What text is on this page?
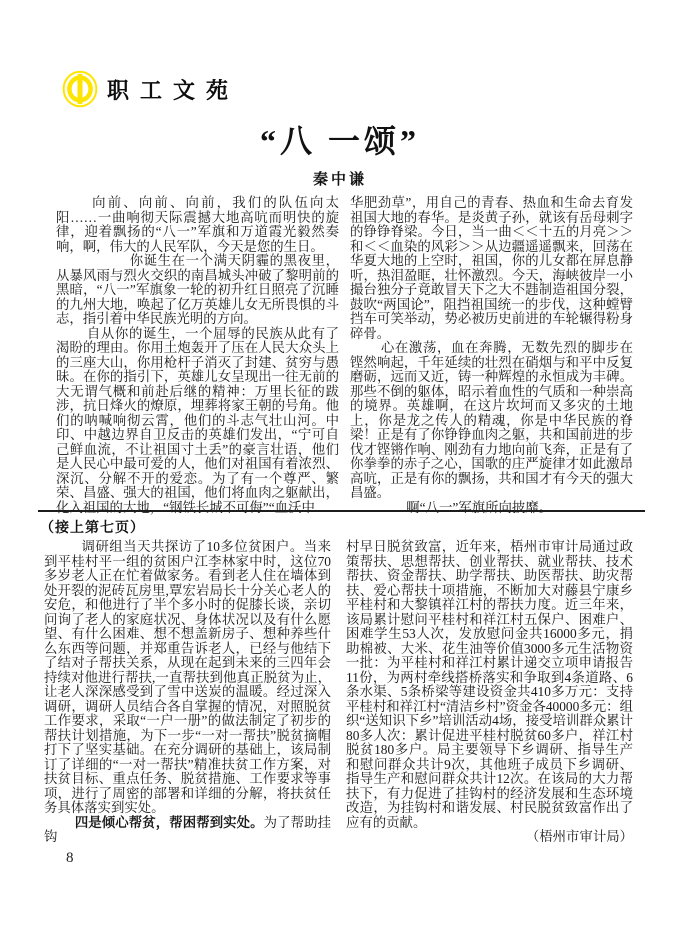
职工文苑
“八 一颂”
秦中谦

向前、向前、向前，我们的队伍向太阳……一曲响彻天际震撼大地高吭而明快的旋律，迎着飘扬的“八一”军旗和万道霞光毅然奏响，啊，伟大的人民军队，今天是您的生日。

你诞生在一个满天阴霾的黑夜里，从暴风雨与烈火交织的南昌城头冲破了黎明前的黑暗，“八一”军旗象一轮的初升红日照亮了沉睡的九州大地，唤起了亿万英雄儿女无所畏惧的斗志，指引着中华民族光明的方向。

自从你的诞生，一个屈辱的民族从此有了渴盼的理由。你用土炮轰开了压在人民大众头上的三座大山，你用枪杆子消灭了封建、贫穷与愚昧。在你的指引下，英雄儿女呈现出一往无前的大无谓气概和前赴后继的精神：万里长征的跋涉，抗日烽火的燎原，埋葬将家王朝的号角。他们的呐喊响彻云霄，他们的斗志气壮山河。中印、中越边界自卫反击的英雄们发出，“宁可自己鲜血流，不让祖国寸土丢”的豪言壮语，他们是人民心中最可爱的人，他们对祖国有着浓烈、深沉、分解不开的爱恋。为了有一个尊严、繁荣、昌盛、强大的祖国，他们将血肉之躯献出，化入祖国的大地，“钢铁长城不可侮”“血沃中

华肥劲草”，用自己的青春、热血和生命去育发祖国大地的春华。是炎黄子孙，就该有岳母刺字的铮铮脊梁。今日，当一曲＜＜十五的月亮＞＞和＜＜血染的风彩＞＞从边疆遥遥飘来，回荡在华夏大地的上空时，祖国，你的儿女都在屏息静听，热泪盈眶，壮怀激烈。今天，海峡彼岸一小撮台独分子竟敢冒天下之大不韪制造祖国分裂，鼓吹“两国论”，阻挡祖国统一的步伐，这种螳臂挡车可笑举动，势必被历史前进的车轮辗得粉身碎骨。

心在激荡，血在奔腾，无数先烈的脚步在铿然响起，千年延续的壮烈在硝烟与和平中反复磨砺，远而又近，铸一种辉煌的永恒成为丰碑。那些不倒的躯体，昭示着血性的气质和一种崇高的境界。英雄啊，在这片坎坷而又多灾的土地上，你是龙之传人的精魂，你是中华民族的脊梁！正是有了你铮铮血肉之躯，共和国前进的步伐才铿锵作响、刚劲有力地向前飞奔，正是有了你拳拳的赤子之心，国歌的庄严旋律才如此激昂高吭，正是有你的飘扬，共和国才有今天的强大昌盛。

啊“八一”军旗所向披靡。

（接上第七页）

调研组当天共探访了10多位贫困户。当来到平桂村平一组的贫困户江李林家中时，这位70多岁老人正在忙着做家务。看到老人住在墙体到处开裂的泥砖瓦房里,覃宏岩局长十分关心老人的安危，和他进行了半个多小时的促膝长谈，亲切问询了老人的家庭状况、身体状况以及有什么愿望、有什么困难、想不想盖新房子、想种养些什么东西等问题，并郑重告诉老人，已经与他结下了结对子帮扶关系，从现在起到未来的三四年会持续对他进行帮扶,一直帮扶到他真正脱贫为止，让老人深深感受到了雪中送炭的温暖。经过深入调研，调研人员结合各自掌握的情况，对照脱贫工作要求，采取“一户一册”的做法制定了初步的帮扶计划措施，为下一步“一对一帮扶”脱贫摘帽打下了坚实基础。在充分调研的基础上，该局制订了详细的“一对一帮扶”精准扶贫工作方案，对扶贫目标、重点任务、脱贫措施、工作要求等事项，进行了周密的部署和详细的分解，将扶贫任务具体落实到实处。

四是倾心帮贫，帮困帮到实处。为了帮助挂钩

村早日脱贫致富，近年来，梧州市审计局通过政策帮扶、思想帮扶、创业帮扶、就业帮扶、技术帮扶、资金帮扶、助学帮扶、助医帮扶、助灾帮扶、爱心帮扶十项措施，不断加大对藤县宁康乡平桂村和大黎镇祥江村的帮扶力度。近三年来，该局累计慰问平桂村和祥江村五保户、困难户、困难学生53人次，发放慰问金共16000多元，捐助棉被、大米、花生油等价值3000多元生活物资一批：为平桂村和祥江村累计递交立项申请报告11份，为两村牵线搭桥落实和争取到4条道路、6条水渠、5条桥梁等建设资金共410多万元：支持平桂村和祥江村“清洁乡村”资金各40000多元：组织“送知识下乡”培训活动4场，接受培训群众累计80多人次：累计促进平桂村脱贫60多户，祥江村脱贫180多户。局主要领导下乡调研、指导生产和慰问群众共计9次，其他班子成员下乡调研、指导生产和慰问群众共计12次。在该局的大力帮扶下，有力促进了挂钩村的经济发展和生态环境改造，为挂钩村和谐发展、村民脱贫致富作出了应有的贡献。

（梧州市审计局）

8
